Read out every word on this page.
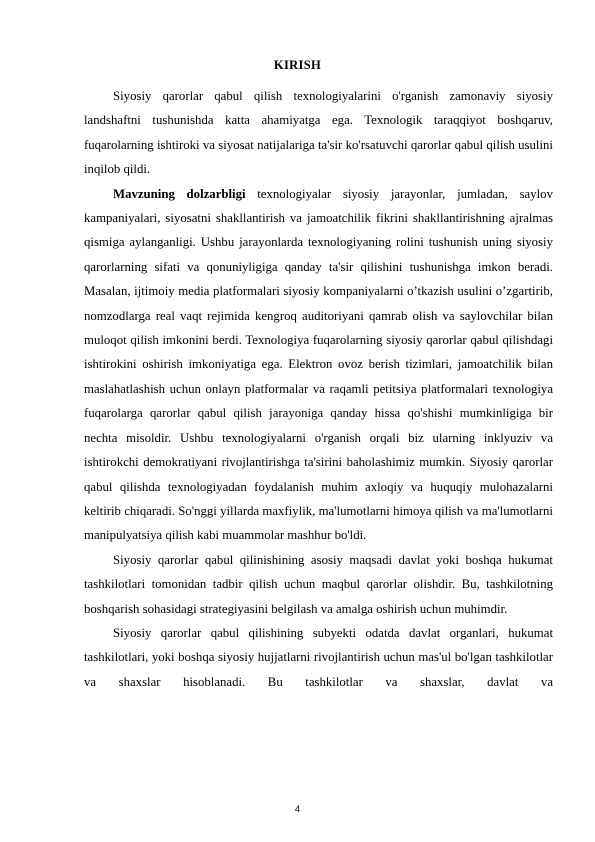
KIRISH

Siyosiy qarorlar qabul qilish texnologiyalarini o'rganish zamonaviy siyosiy landshaftni tushunishda katta ahamiyatga ega. Texnologik taraqqiyot boshqaruv, fuqarolarning ishtiroki va siyosat natijalariga ta'sir ko'rsatuvchi qarorlar qabul qilish usulini inqilob qildi.

Mavzuning dolzarbligi texnologiyalar siyosiy jarayonlar, jumladan, saylov kampaniyalari, siyosatni shakllantirish va jamoatchilik fikrini shakllantirishning ajralmas qismiga aylanganligi. Ushbu jarayonlarda texnologiyaning rolini tushunish uning siyosiy qarorlarning sifati va qonuniyligiga qanday ta'sir qilishini tushunishga imkon beradi. Masalan, ijtimoiy media platformalari siyosiy kompaniyalarni o’tkazish usulini o’zgartirib, nomzodlarga real vaqt rejimida kengroq auditoriyani qamrab olish va saylovchilar bilan muloqot qilish imkonini berdi. Texnologiya fuqarolarning siyosiy qarorlar qabul qilishdagi ishtirokini oshirish imkoniyatiga ega. Elektron ovoz berish tizimlari, jamoatchilik bilan maslahatlashish uchun onlayn platformalar va raqamli petitsiya platformalari texnologiya fuqarolarga qarorlar qabul qilish jarayoniga qanday hissa qo'shishi mumkinligiga bir nechta misoldir. Ushbu texnologiyalarni o'rganish orqali biz ularning inklyuziv va ishtirokchi demokratiyani rivojlantirishga ta'sirini baholashimiz mumkin. Siyosiy qarorlar qabul qilishda texnologiyadan foydalanish muhim axloqiy va huquqiy mulohazalarni keltirib chiqaradi. So'nggi yillarda maxfiylik, ma'lumotlarni himoya qilish va ma'lumotlarni manipulyatsiya qilish kabi muammolar mashhur bo'ldi.

Siyosiy qarorlar qabul qilinishining asosiy maqsadi davlat yoki boshqa hukumat tashkilotlari tomonidan tadbir qilish uchun maqbul qarorlar olishdir. Bu, tashkilotning boshqarish sohasidagi strategiyasini belgilash va amalga oshirish uchun muhimdir.

Siyosiy qarorlar qabul qilishining subyekti odatda davlat organlari, hukumat tashkilotlari, yoki boshqa siyosiy hujjatlarni rivojlantirish uchun mas'ul bo'lgan tashkilotlar va shaxslar hisoblanadi. Bu tashkilotlar va shaxslar, davlat va

4
